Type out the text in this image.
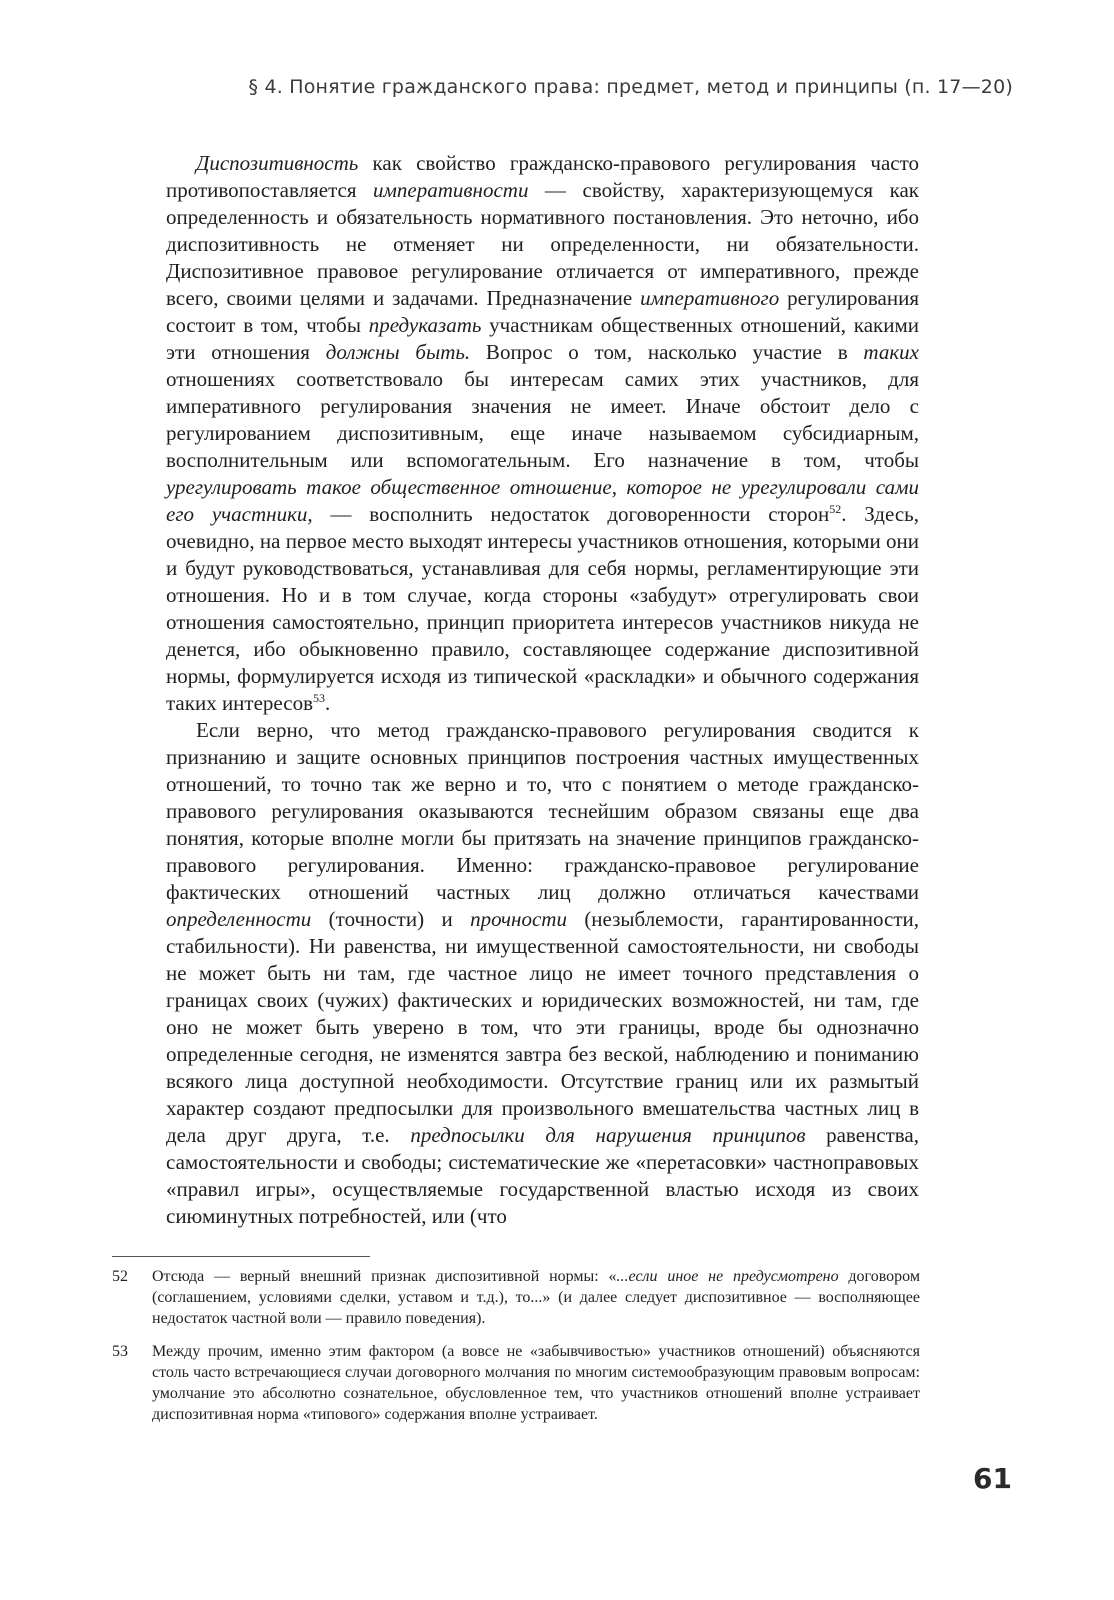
§ 4. Понятие гражданского права: предмет, метод и принципы (п. 17—20)

Диспозитивность как свойство гражданско-правового регулирования часто противопоставляется императивности — свойству, характеризующемуся как определенность и обязательность нормативного постановления. Это неточно, ибо диспозитивность не отменяет ни определенности, ни обязательности. Диспозитивное правовое регулирование отличается от императивного, прежде всего, своими целями и задачами. Предназначение императивного регулирования состоит в том, чтобы предуказать участникам общественных отношений, какими эти отношения должны быть. Вопрос о том, насколько участие в таких отношениях соответствовало бы интересам самих этих участников, для императивного регулирования значения не имеет. Иначе обстоит дело с регулированием диспозитивным, еще иначе называемом субсидиарным, восполнительным или вспомогательным. Его назначение в том, чтобы урегулировать такое общественное отношение, которое не урегулировали сами его участники, — восполнить недостаток договоренности сторон$^{52}$. Здесь, очевидно, на первое место выходят интересы участников отношения, которыми они и будут руководствоваться, устанавливая для себя нормы, регламентирующие эти отношения. Но и в том случае, когда стороны «забудут» отрегулировать свои отношения самостоятельно, принцип приоритета интересов участников никуда не денется, ибо обыкновенно правило, составляющее содержание диспозитивной нормы, формулируется исходя из типической «раскладки» и обычного содержания таких интересов$^{53}$.

Если верно, что метод гражданско-правового регулирования сводится к признанию и защите основных принципов построения частных имущественных отношений, то точно так же верно и то, что с понятием о методе гражданско-правового регулирования оказываются теснейшим образом связаны еще два понятия, которые вполне могли бы притязать на значение принципов гражданско-правового регулирования. Именно: гражданско-правовое регулирование фактических отношений частных лиц должно отличаться качествами определенности (точности) и прочности (незыблемости, гарантированности, стабильности). Ни равенства, ни имущественной самостоятельности, ни свободы не может быть ни там, где частное лицо не имеет точного представления о границах своих (чужих) фактических и юридических возможностей, ни там, где оно не может быть уверено в том, что эти границы, вроде бы однозначно определенные сегодня, не изменятся завтра без веской, наблюдению и пониманию всякого лица доступной необходимости. Отсутствие границ или их размытый характер создают предпосылки для произвольного вмешательства частных лиц в дела друг друга, т.е. предпосылки для нарушения принципов равенства, самостоятельности и свободы; систематические же «перетасовки» частноправовых «правил игры», осуществляемые государственной властью исходя из своих сиюминутных потребностей, или (что

52	Отсюда — верный внешний признак диспозитивной нормы: «...если иное не предусмотрено договором (соглашением, условиями сделки, уставом и т.д.), то...» (и далее следует диспозитивное — восполняющее недостаток частной воли — правило поведения).
53	Между прочим, именно этим фактором (а вовсе не «забывчивостью» участников отношений) объясняются столь часто встречающиеся случаи договорного молчания по многим системообразующим правовым вопросам: умолчание это абсолютно сознательное, обусловленное тем, что участников отношений вполне устраивает диспозитивная норма «типового» содержания вполне устраивает.
61
